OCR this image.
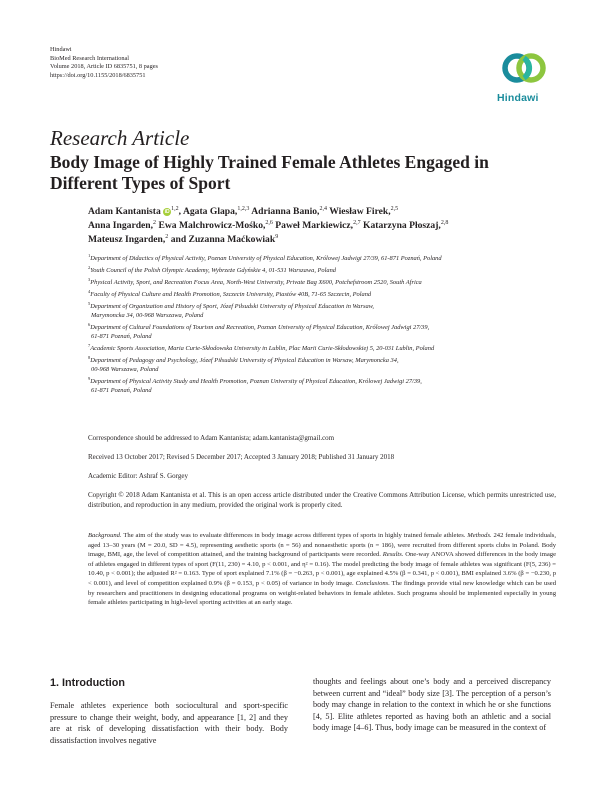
Hindawi
BioMed Research International
Volume 2018, Article ID 6835751, 8 pages
https://doi.org/10.1155/2018/6835751
Hindawi
Research Article
Body Image of Highly Trained Female Athletes Engaged in Different Types of Sport
Adam Kantanista iD $^{1,2}$, Agata Glapa,$^{1,2,3}$ Adrianna Banio,$^{2,4}$ Wiesław Firek,$^{2,5}$
Anna Ingarden,$^2$ Ewa Malchrowicz-Mośko,$^{2,6}$ Paweł Markiewicz,$^{2,7}$ Katarzyna Płoszaj,$^{2,8}$
Mateusz Ingarden,$^2$ and Zuzanna Maćkowiak$^9$
$^1$Department of Didactics of Physical Activity, Poznan University of Physical Education, Królowej Jadwigi 27/39, 61-871 Poznań, Poland
$^2$Youth Council of the Polish Olympic Academy, Wybrzeże Gdyńskie 4, 01-531 Warszawa, Poland
$^3$Physical Activity, Sport, and Recreation Focus Area, North-West University, Private Bag X600, Potchefstroom 2520, South Africa
$^4$Faculty of Physical Culture and Health Promotion, Szczecin University, Piastów 40B, 71-65 Szczecin, Poland
$^5$Department of Organization and History of Sport, Józef Piłsudski University of Physical Education in Warsaw,
Marymoncka 34, 00-968 Warszawa, Poland
$^6$Department of Cultural Foundations of Tourism and Recreation, Poznan University of Physical Education, Królowej Jadwigi 27/39,
61-871 Poznań, Poland
$^7$Academic Sports Association, Maria Curie-Skłodowska University in Lublin, Plac Marii Curie-Skłodowskiej 5, 20-031 Lublin, Poland
$^8$Department of Pedagogy and Psychology, Józef Piłsudski University of Physical Education in Warsaw, Marymoncka 34,
00-968 Warszawa, Poland
$^9$Department of Physical Activity Study and Health Promotion, Poznan University of Physical Education, Królowej Jadwigi 27/39,
61-871 Poznań, Poland
Correspondence should be addressed to Adam Kantanista; adam.kantanista@gmail.com
Received 13 October 2017; Revised 5 December 2017; Accepted 3 January 2018; Published 31 January 2018
Academic Editor: Ashraf S. Gorgey
Copyright © 2018 Adam Kantanista et al. This is an open access article distributed under the Creative Commons Attribution License, which permits unrestricted use, distribution, and reproduction in any medium, provided the original work is properly cited.
Background. The aim of the study was to evaluate differences in body image across different types of sports in highly trained female athletes. Methods. 242 female individuals, aged 13–30 years (M = 20.0, SD = 4.5), representing aesthetic sports (n = 56) and nonaesthetic sports (n = 186), were recruited from different sports clubs in Poland. Body image, BMI, age, the level of competition attained, and the training background of participants were recorded. Results. One-way ANOVA showed differences in the body image of athletes engaged in different types of sport (F(11, 230) = 4.10, p < 0.001, and η² = 0.16). The model predicting the body image of female athletes was significant (F(5, 236) = 10.40, p < 0.001); the adjusted R² = 0.163. Type of sport explained 7.1% (β = −0.263, p < 0.001), age explained 4.5% (β = 0.341, p < 0.001), BMI explained 3.6% (β = −0.230, p < 0.001), and level of competition explained 0.9% (β = 0.153, p < 0.05) of variance in body image. Conclusions. The findings provide vital new knowledge which can be used by researchers and practitioners in designing educational programs on weight-related behaviors in female athletes. Such programs should be implemented especially in young female athletes participating in high-level sporting activities at an early stage.
1. Introduction
Female athletes experience both sociocultural and sport-specific pressure to change their weight, body, and appearance [1, 2] and they are at risk of developing dissatisfaction with their body. Body dissatisfaction involves negative
thoughts and feelings about one’s body and a perceived discrepancy between current and “ideal” body size [3]. The perception of a person’s body may change in relation to the context in which he or she functions [4, 5]. Elite athletes reported as having both an athletic and a social body image [4–6]. Thus, body image can be measured in the context of
